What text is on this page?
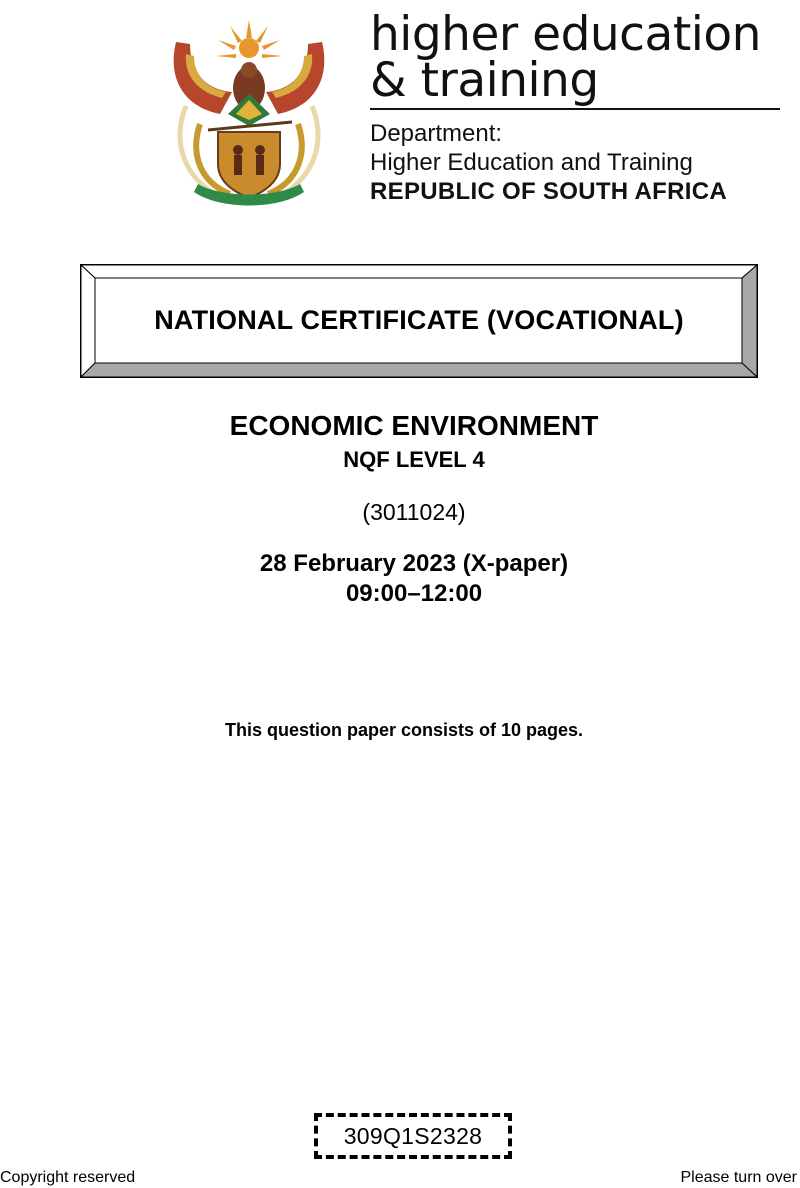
higher education
& training
Department:
Higher Education and Training
REPUBLIC OF SOUTH AFRICA
NATIONAL CERTIFICATE (VOCATIONAL)
ECONOMIC ENVIRONMENT
NQF LEVEL 4
(3011024)
28 February 2023 (X-paper)
09:00–12:00
This question paper consists of 10 pages.
309Q1S2328
Copyright reserved	Please turn over
